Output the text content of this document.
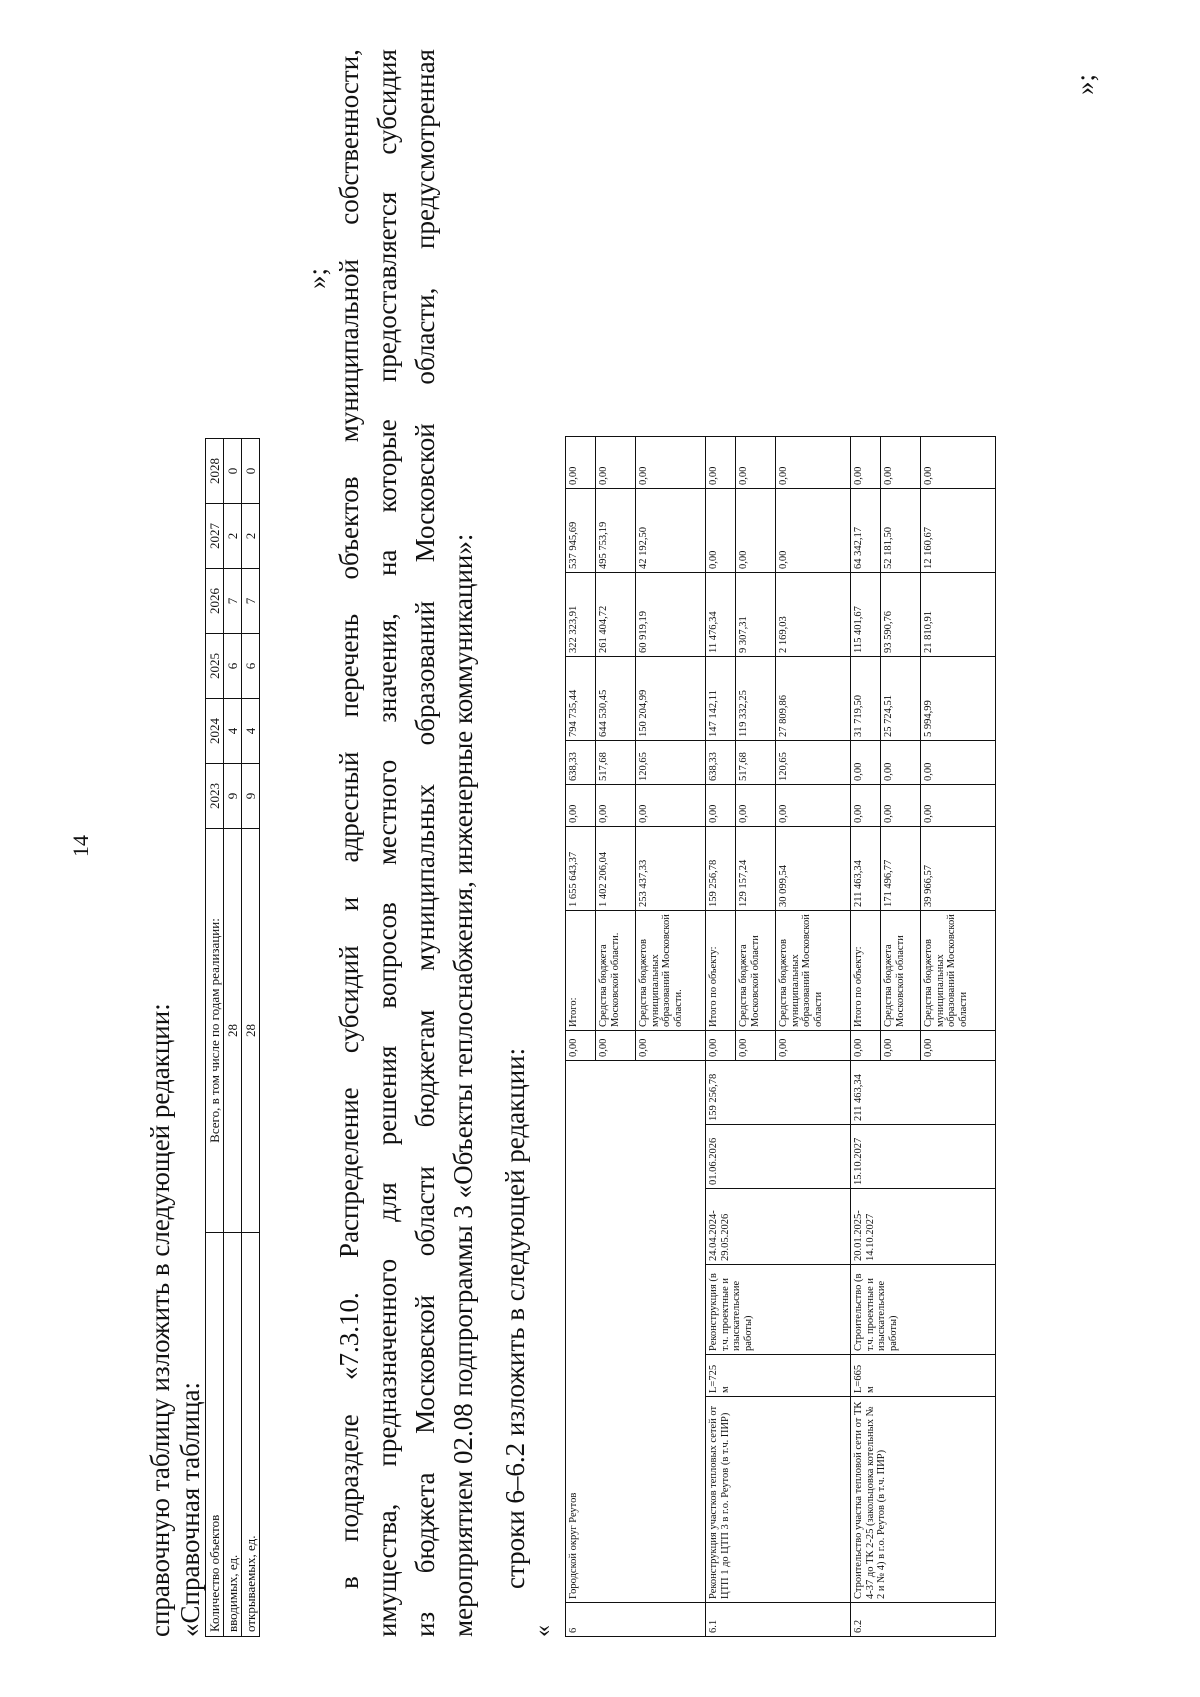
14
справочную таблицу изложить в следующей редакции: «Справочная таблица: Количество объектов	Всего, в том числе по годам реализации:	2023	2024	2025	2026	2027	2028
вводимых, ед.	28	9	4	6	7	2	0
открываемых, ед.	28	9	4	6	7	2	0
»;
в
подразделе
«7.3.10.
Распределение
субсидий
и
адресный
перечень
объектов
муниципальной
собственности,
имущества,
предназначенного
для
решения
вопросов
местного
значения,
на
которые
предоставляется
субсидия
из
бюджета
Московской
области
бюджетам
муниципальных
образований
Московской
области,
предусмотренная
мероприятием 02.08 подпрограммы 3 «Объекты теплоснабжения, инженерные коммуникации»: строки 6–6.2 изложить в следующей редакции:
« 6	Городской округ Реутов						0,00	Итого:	1 655 643,37	0,00	638,33	794 735,44	322 323,91	537 945,69	0,00
							0,00	Средства бюджета Московской области.	1 402 206,04	0,00	517,68	644 530,45	261 404,72	495 753,19	0,00
							0,00	Средства бюджетов муниципальных образований Московской области.	253 437,33	0,00	120,65	150 204,99	60 919,19	42 192,50	0,00
6.1	Реконструкция участков тепловых сетей от ЦТП 1 до ЦТП 3 в г.о. Реутов (в т.ч. ПИР)	L=725 м	Реконструкция (в т.ч. проектные и изыскательские работы)	24.04.2024-29.05.2026	01.06.2026	159 256,78	0,00	Итого по объекту:	159 256,78	0,00	638,33	147 142,11	11 476,34	0,00	0,00
							0,00	Средства бюджета Московской области	129 157,24	0,00	517,68	119 332,25	9 307,31	0,00	0,00
							0,00	Средства бюджетов муниципальных образований Московской области	30 099,54	0,00	120,65	27 809,86	2 169,03	0,00	0,00
6.2	Строительство участка тепловой сети от ТК 4-37 до ТК 2-25 (закольцовка котельных № 2 и № 4) в г.о. Реутов (в т.ч. ПИР)	L=665 м	Строительство (в т.ч. проектные и изыскательские работы)	20.01.2025-14.10.2027	15.10.2027	211 463,34	0,00	Итого по объекту:	211 463,34	0,00	0,00	31 719,50	115 401,67	64 342,17	0,00
							0,00	Средства бюджета Московской области	171 496,77	0,00	0,00	25 724,51	93 590,76	52 181,50	0,00
							0,00	Средства бюджетов муниципальных образований Московской области	39 966,57	0,00	0,00	5 994,99	21 810,91	12 160,67	0,00
»;
